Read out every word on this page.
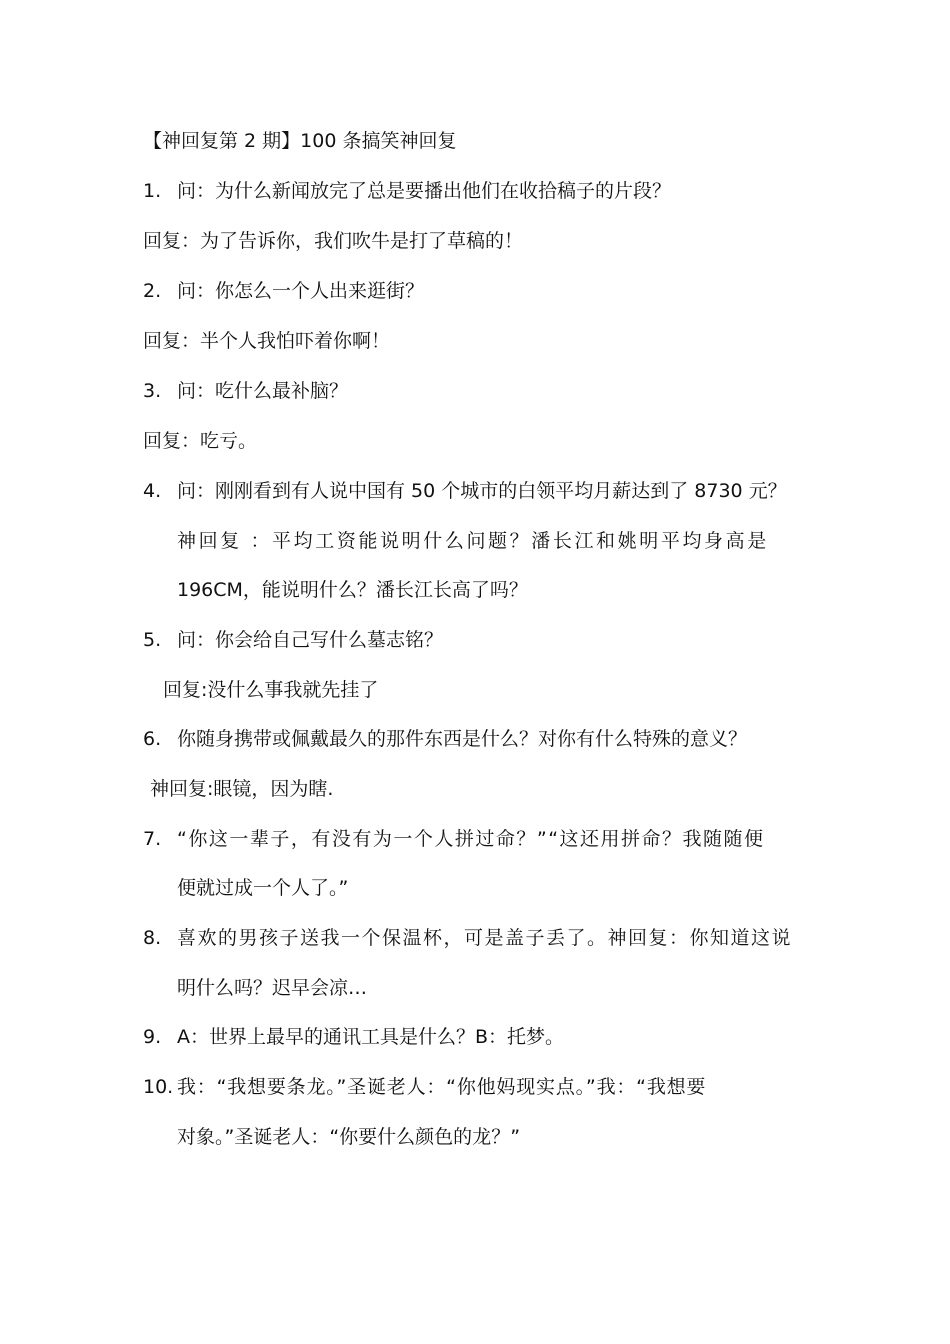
【神回复第 2 期】100 条搞笑神回复
1. 问：为什么新闻放完了总是要播出他们在收拾稿子的片段？
回复：为了告诉你，我们吹牛是打了草稿的！
2. 问：你怎么一个人出来逛街？
回复：半个人我怕吓着你啊！
3. 问：吃什么最补脑？
回复：吃亏。
4. 问：刚刚看到有人说中国有 50 个城市的白领平均月薪达到了 8730 元？
神回复 ：平均工资能说明什么问题？潘长江和姚明平均身高是
196CM，能说明什么？潘长江长高了吗？
5. 问：你会给自己写什么墓志铭？
回复:没什么事我就先挂了
6. 你随身携带或佩戴最久的那件东西是什么？对你有什么特殊的意义？
神回复:眼镜，因为瞎.
7. “你这一辈子，有没有为一个人拼过命？”“这还用拼命？我随随便
便就过成一个人了。”
8. 喜欢的男孩子送我一个保温杯，可是盖子丢了。神回复：你知道这说
明什么吗？迟早会凉…
9. A：世界上最早的通讯工具是什么？B：托梦。
10. 我：“我想要条龙。”圣诞老人：“你他妈现实点。”我：“我想要
对象。”圣诞老人：“你要什么颜色的龙？”
